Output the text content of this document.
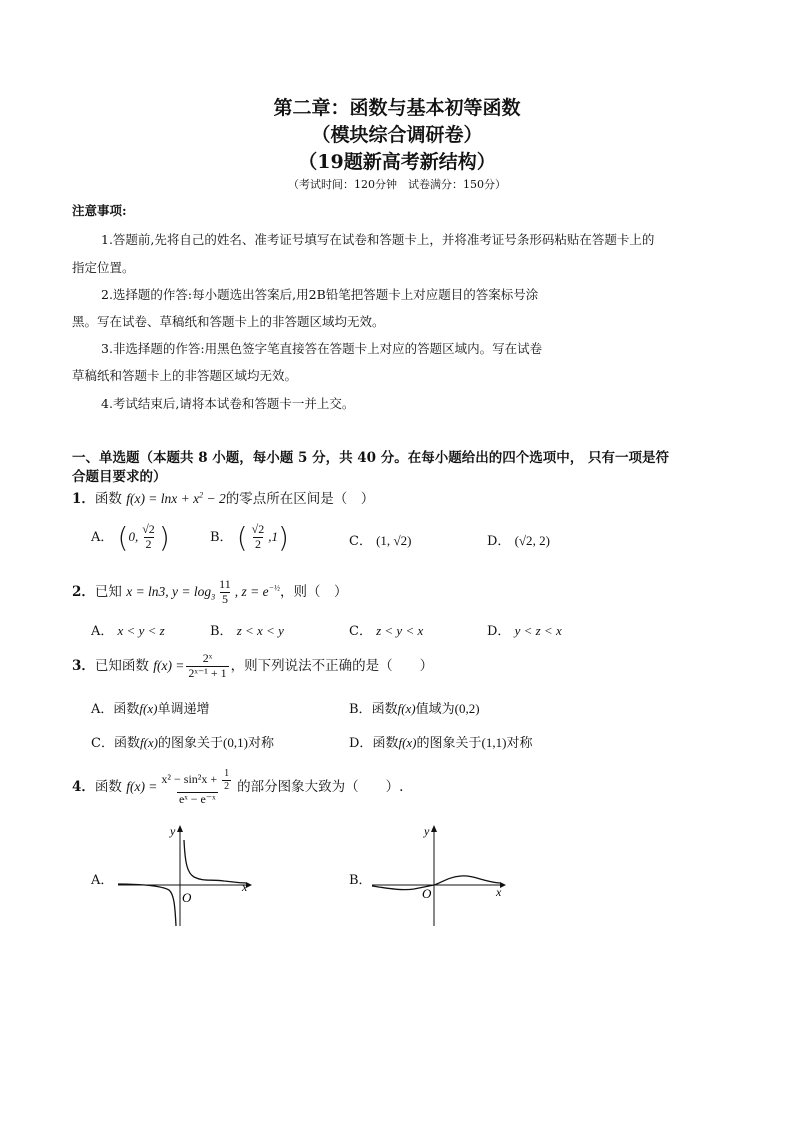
第二章：函数与基本初等函数
（模块综合调研卷）
（19题新高考新结构）
（考试时间：120分钟　试卷满分：150分）
注意事项:
1.答题前,先将自己的姓名、准考证号填写在试卷和答题卡上，并将准考证号条形码粘贴在答题卡上的
指定位置。
2.选择题的作答:每小题选出答案后,用2B铅笔把答题卡上对应题目的答案标号涂
黑。写在试卷、草稿纸和答题卡上的非答题区域均无效。
3.非选择题的作答:用黑色签字笔直接答在答题卡上对应的答题区域内。写在试卷
草稿纸和答题卡上的非答题区域均无效。
4.考试结束后,请将本试卷和答题卡一并上交。
一、单选题（本题共 8 小题，每小题 5 分，共 40 分。在每小题给出的四个选项中， 只有一项是符
合题目要求的）
1．函数 $f(x) = \ln x + x^2 - 2$的零点所在区间是（　）
A． (0, $\frac{√2}{2}$ )	B． ( $\frac{√2}{2} ,1$)	C． (1, √2)	D． (√2, 2)
2．已知 x = ln3, $y = \log_3 \frac{11}{5}$ , $z = e^{-\frac{1}{2}}$，则（　）
A． x < y < z	B． z < x < y	C． z < y < x	D． y < z < x
3．已知函数 $f(x) = \frac{\text{2ˣ}}{\text{2ˣ⁻¹ + 1}}$ ，则下列说法不正确的是（　　）
A．函数f(x)单调递增	B．函数f(x)值域为(0,2)
C．函数f(x)的图象关于(0,1)对称	D．函数f(x)的图象关于(1,1)对称
4．函数 $f(x) = \frac{x^2 - \sin^2x + \frac{1}{2}}{\text{eˣ − e⁻ˣ}}$ 的部分图象大致为（　　）.
A．
y
x
O
B．
y
x
O
